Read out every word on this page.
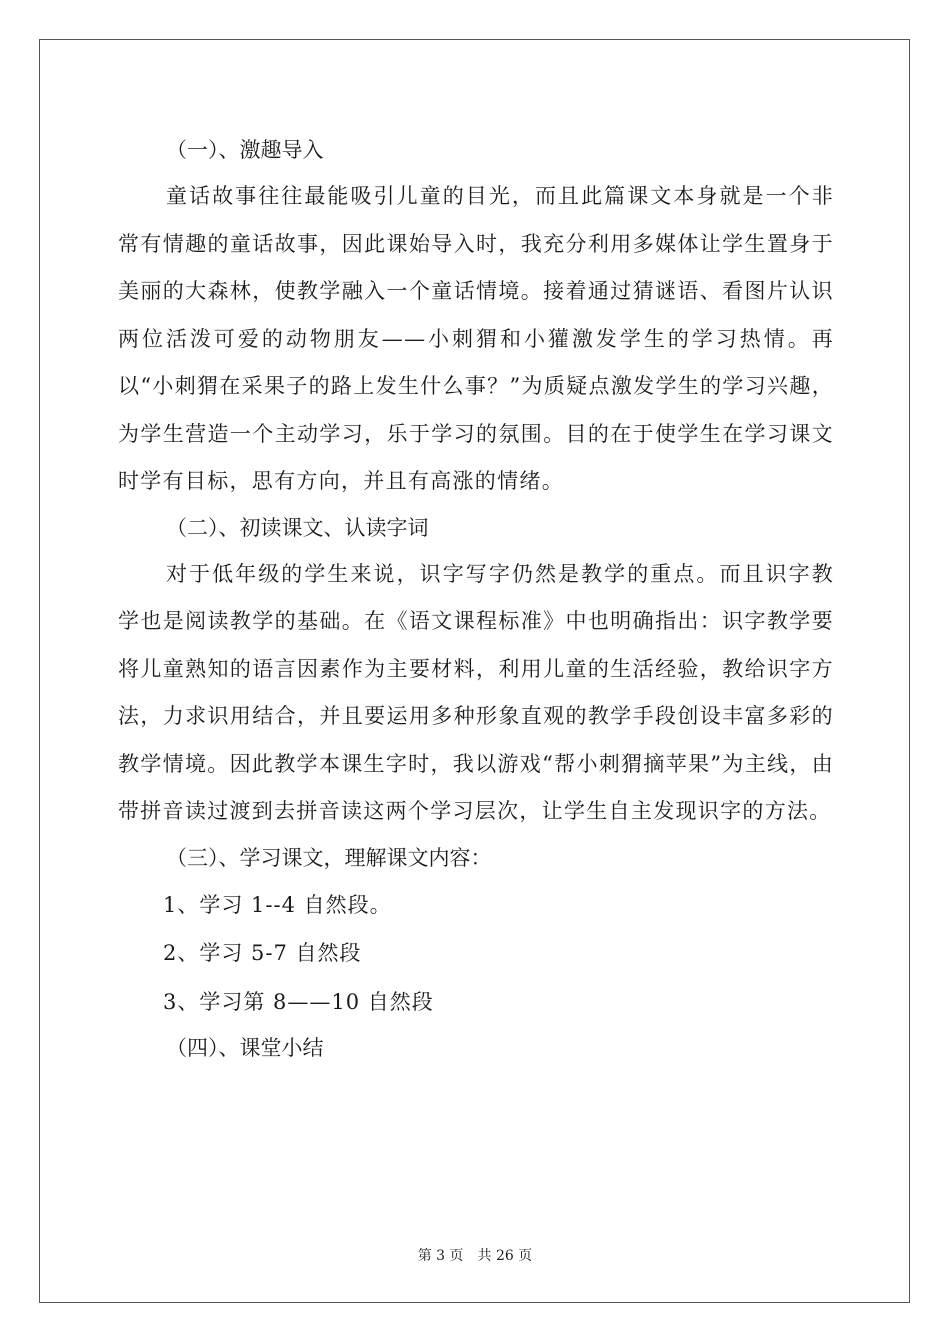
（一）、激趣导入

童话故事往往最能吸引儿童的目光，而且此篇课文本身就是一个非常有情趣的童话故事，因此课始导入时，我充分利用多媒体让学生置身于美丽的大森林，使教学融入一个童话情境。接着通过猜谜语、看图片认识两位活泼可爱的动物朋友——小刺猬和小獾激发学生的学习热情。再以“小刺猬在采果子的路上发生什么事？”为质疑点激发学生的学习兴趣，为学生营造一个主动学习，乐于学习的氛围。目的在于使学生在学习课文时学有目标，思有方向，并且有高涨的情绪。

（二）、初读课文、认读字词

对于低年级的学生来说，识字写字仍然是教学的重点。而且识字教学也是阅读教学的基础。在《语文课程标准》中也明确指出：识字教学要将儿童熟知的语言因素作为主要材料，利用儿童的生活经验，教给识字方法，力求识用结合，并且要运用多种形象直观的教学手段创设丰富多彩的教学情境。因此教学本课生字时，我以游戏“帮小刺猬摘苹果”为主线，由带拼音读过渡到去拼音读这两个学习层次，让学生自主发现识字的方法。

（三）、学习课文，理解课文内容：

1、学习 1--4 自然段。

2、学习 5-7 自然段

3、学习第 8——10 自然段

（四）、课堂小结

第 3 页 共 26 页
